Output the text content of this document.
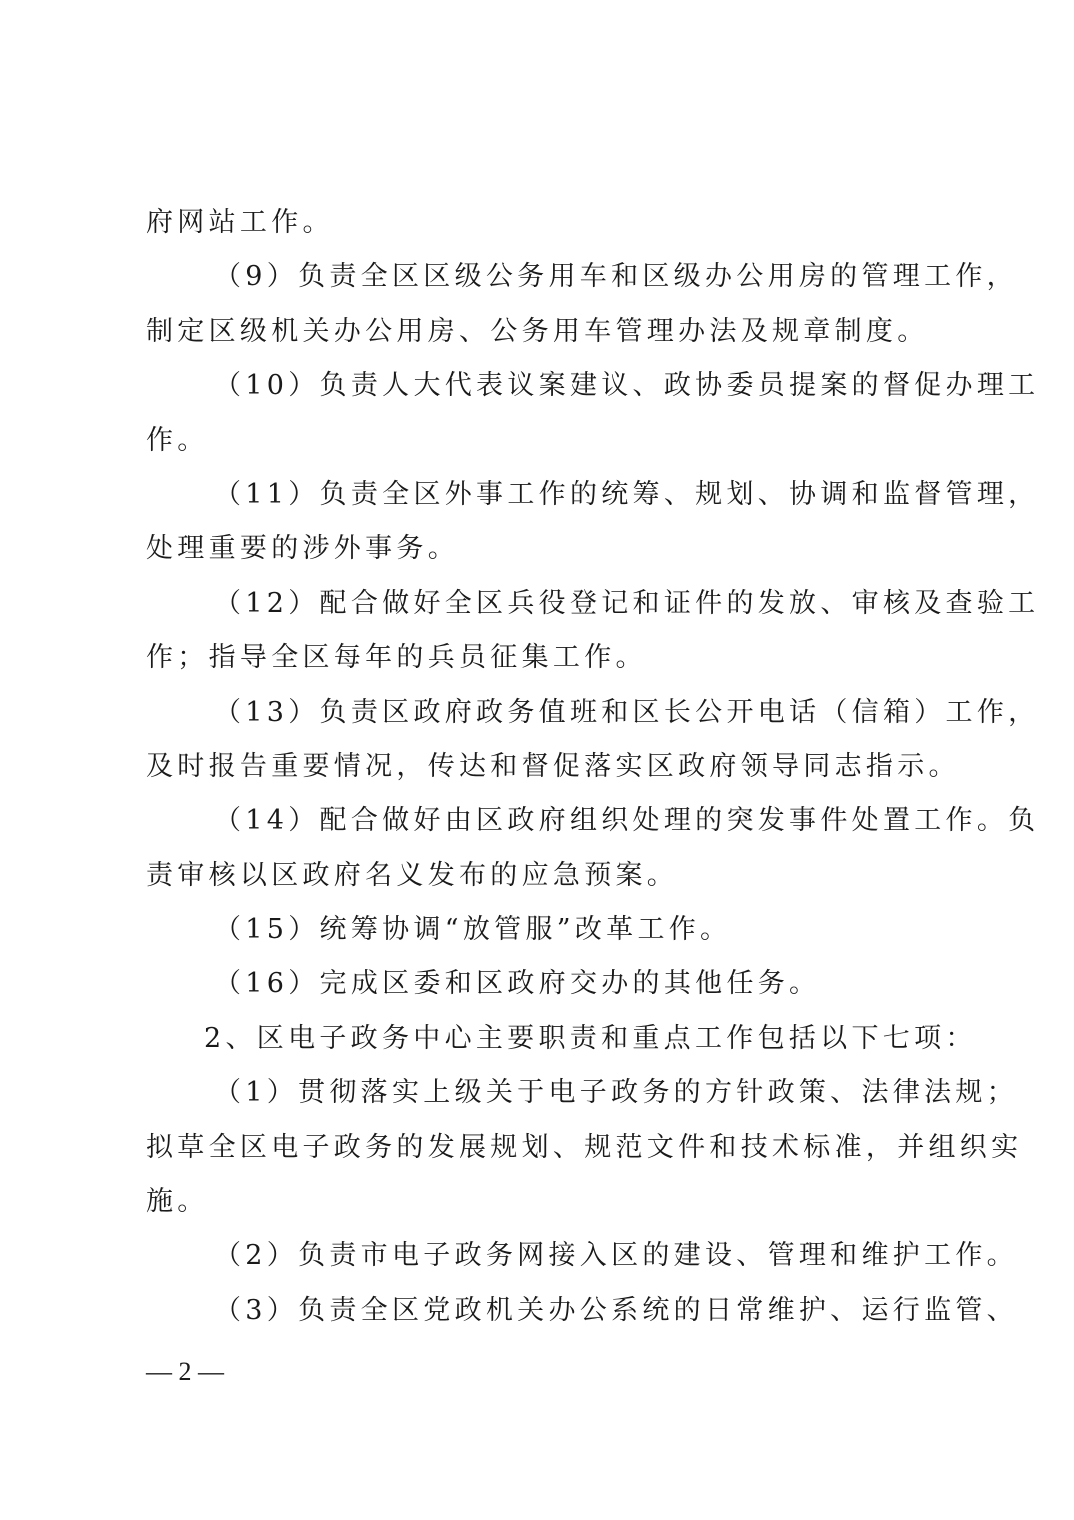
府网站工作。
（9）负责全区区级公务用车和区级办公用房的管理工作，
制定区级机关办公用房、公务用车管理办法及规章制度。
（10）负责人大代表议案建议、政协委员提案的督促办理工
作。
（11）负责全区外事工作的统筹、规划、协调和监督管理，
处理重要的涉外事务。
（12）配合做好全区兵役登记和证件的发放、审核及查验工
作；指导全区每年的兵员征集工作。
（13）负责区政府政务值班和区长公开电话（信箱）工作，
及时报告重要情况，传达和督促落实区政府领导同志指示。
（14）配合做好由区政府组织处理的突发事件处置工作。负
责审核以区政府名义发布的应急预案。
（15）统筹协调“放管服”改革工作。
（16）完成区委和区政府交办的其他任务。
2、区电子政务中心主要职责和重点工作包括以下七项：
（1）贯彻落实上级关于电子政务的方针政策、法律法规；
拟草全区电子政务的发展规划、规范文件和技术标准，并组织实
施。
（2）负责市电子政务网接入区的建设、管理和维护工作。
（3）负责全区党政机关办公系统的日常维护、运行监管、
— 2 —
